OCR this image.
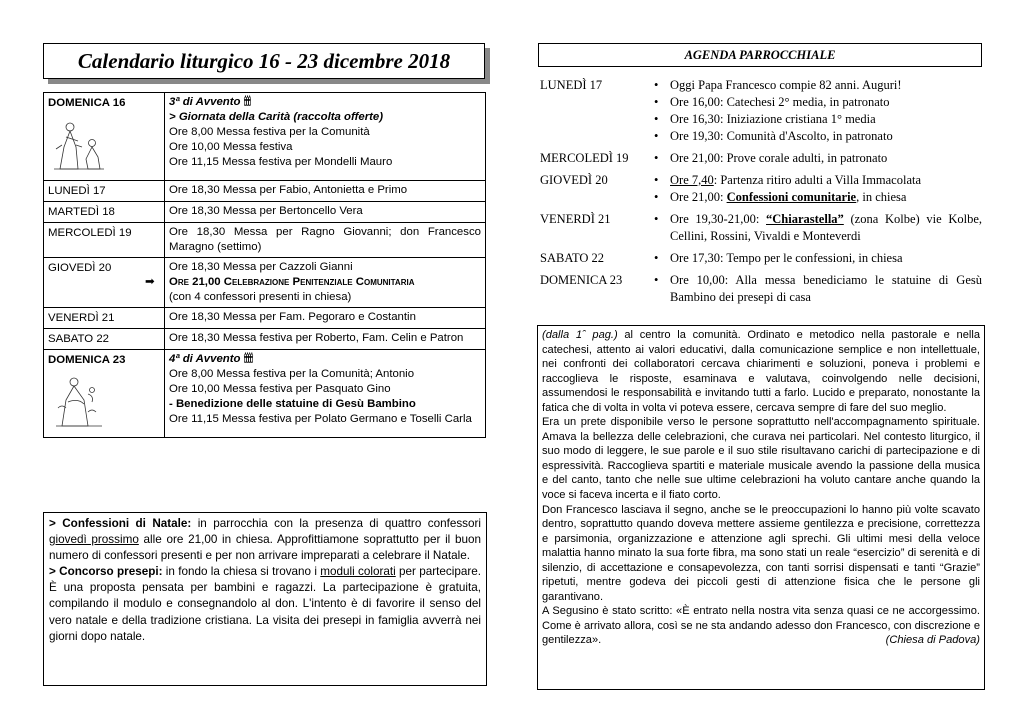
Calendario liturgico 16 - 23 dicembre 2018
DOMENICA 16	3ª di Avvento 🕯🕯🕯
> Giornata della Carità (raccolta offerte)
Ore 8,00 Messa festiva per la Comunità
Ore 10,00 Messa festiva
Ore 11,15 Messa festiva per Mondelli Mauro

LUNEDÌ 17	Ore 18,30 Messa per Fabio, Antonietta e Primo
MARTEDÌ 18	Ore 18,30 Messa per Bertoncello Vera
MERCOLEDÌ 19	Ore 18,30 Messa per Ragno Giovanni; don Francesco Maragno (settimo)
GIOVEDÌ 20	Ore 18,30 Messa per Cazzoli Gianni
➡ Ore 21,00 Celebrazione Penitenziale Comunitaria
(con 4 confessori presenti in chiesa)

VENERDÌ 21	Ore 18,30 Messa per Fam. Pegoraro e Costantin
SABATO 22	Ore 18,30 Messa festiva per Roberto, Fam. Celin e Patron

DOMENICA 23	4ª di Avvento 🕯🕯🕯🕯
Ore 8,00 Messa festiva per la Comunità; Antonio
Ore 10,00 Messa festiva per Pasquato Gino
- Benedizione delle statuine di Gesù Bambino
Ore 11,15 Messa festiva per Polato Germano e Toselli Carla
> Confessioni di Natale: in parrocchia con la presenza di quattro confessori giovedì prossimo alle ore 21,00 in chiesa. Approfittiamone soprattutto per il buon numero di confessori presenti e per non arrivare impreparati a celebrare il Natale.
> Concorso presepi: in fondo la chiesa si trovano i moduli colorati per partecipare. È una proposta pensata per bambini e ragazzi. La partecipazione è gratuita, compilando il modulo e consegnandolo al don. L'intento è di favorire il senso del vero natale e della tradizione cristiana. La visita dei presepi in famiglia avverrà nei giorni dopo natale.
AGENDA PARROCCHIALE
LUNEDÌ 17	• Oggi Papa Francesco compie 82 anni. Auguri!
• Ore 16,00: Catechesi 2° media, in patronato
• Ore 16,30: Iniziazione cristiana 1° media
• Ore 19,30: Comunità d'Ascolto, in patronato
MERCOLEDÌ 19	• Ore 21,00: Prove corale adulti, in patronato
GIOVEDÌ 20	• Ore 7,40: Partenza ritiro adulti a Villa Immacolata
• Ore 21,00: Confessioni comunitarie, in chiesa
VENERDÌ 21	• Ore 19,30-21,00: “Chiarastella” (zona Kolbe) vie Kolbe, Cellini, Rossini, Vivaldi e Monteverdi
SABATO 22	• Ore 17,30: Tempo per le confessioni, in chiesa
DOMENICA 23	• Ore 10,00: Alla messa benediciamo le statuine di Gesù Bambino dei presepi di casa

(dalla 1ˆ pag.) al centro la comunità. Ordinato e metodico nella pastorale e nella catechesi, attento ai valori educativi, dalla comunicazione semplice e non intellettuale, nei confronti dei collaboratori cercava chiarimenti e soluzioni, poneva i problemi e raccoglieva le risposte, esaminava e valutava, coinvolgendo nelle decisioni, assumendosi le responsabilità e invitando tutti a farlo. Lucido e preparato, nonostante la fatica che di volta in volta vi poteva essere, cercava sempre di fare del suo meglio.

Era un prete disponibile verso le persone soprattutto nell'accompagnamento spirituale. Amava la bellezza delle celebrazioni, che curava nei particolari. Nel contesto liturgico, il suo modo di leggere, le sue parole e il suo stile risultavano carichi di partecipazione e di espressività. Raccoglieva spartiti e materiale musicale avendo la passione della musica e del canto, tanto che nelle sue ultime celebrazioni ha voluto cantare anche quando la voce si faceva incerta e il fiato corto.

Don Francesco lasciava il segno, anche se le preoccupazioni lo hanno più volte scavato dentro, soprattutto quando doveva mettere assieme gentilezza e precisione, correttezza e parsimonia, organizzazione e attenzione agli sprechi. Gli ultimi mesi della veloce malattia hanno minato la sua forte fibra, ma sono stati un reale “esercizio” di serenità e di silenzio, di accettazione e consapevolezza, con tanti sorrisi dispensati e tanti “Grazie” ripetuti, mentre godeva dei piccoli gesti di attenzione fisica che le persone gli garantivano.

A Segusino è stato scritto: «È entrato nella nostra vita senza quasi ce ne accorgessimo. Come è arrivato allora, così se ne sta andando adesso don Francesco, con discrezione e gentilezza».	(Chiesa di Padova)
